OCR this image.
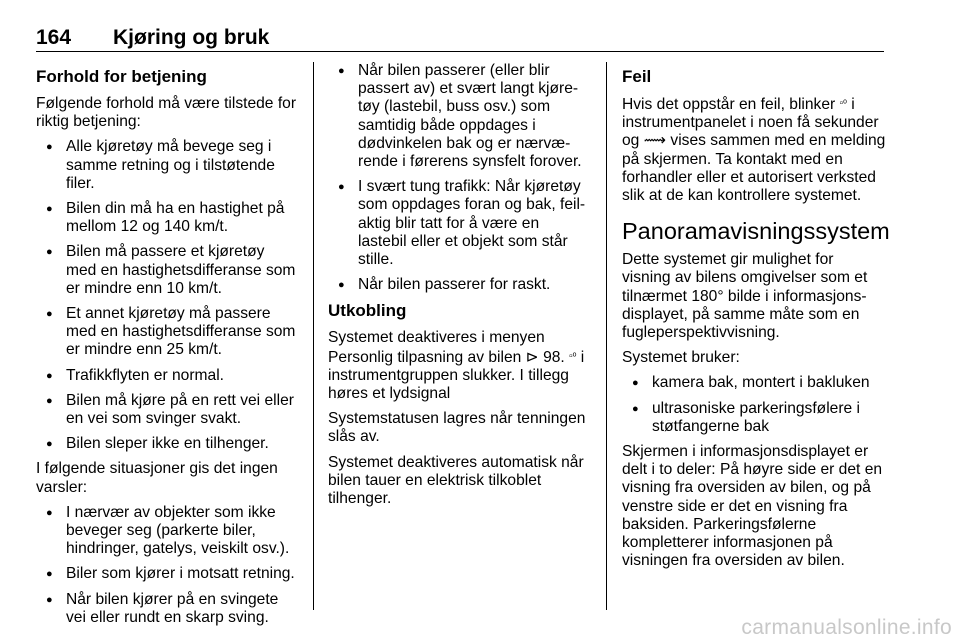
164 Kjøring og bruk
Forhold for betjening

Følgende forhold må være tilstede for riktig betjening:

● Alle kjøretøy må bevege seg i samme retning og i tilstøtende filer.
● Bilen din må ha en hastighet på mellom 12 og 140 km/t.
● Bilen må passere et kjøretøy med en hastighetsdifferanse som er mindre enn 10 km/t.
● Et annet kjøretøy må passere med en hastighetsdifferanse som er mindre enn 25 km/t.
● Trafikkflyten er normal.
● Bilen må kjøre på en rett vei eller en vei som svinger svakt.
● Bilen sleper ikke en tilhenger.

I følgende situasjoner gis det ingen varsler:

● I nærvær av objekter som ikke beveger seg (parkerte biler, hindringer, gatelys, veiskilt osv.).
● Biler som kjører i motsatt retning.
● Når bilen kjører på en svingete vei eller rundt en skarp sving.
● Når bilen passerer (eller blir passert av) et svært langt kjøre- tøy (lastebil, buss osv.) som samtidig både oppdages i dødvinkelen bak og er nærvæ- rende i førerens synsfelt forover.
● I svært tung trafikk: Når kjøretøy som oppdages foran og bak, feil- aktig blir tatt for å være en lastebil eller et objekt som står stille.
● Når bilen passerer for raskt.
Utkobling

Systemet deaktiveres i menyen Personlig tilpasning av bilen ⊳ 98. ▫ᵒ i instrumentgruppen slukker. I tillegg høres et lydsignal

Systemstatusen lagres når tenningen slås av.

Systemet deaktiveres automatisk når bilen tauer en elektrisk tilkoblet tilhenger.

Feil

Hvis det oppstår en feil, blinker ▫ᵒ i instrumentpanelet i noen få sekunder og ⟿ vises sammen med en melding på skjermen. Ta kontakt med en forhandler eller et autorisert verksted slik at de kan kontrollere systemet.

Panoramavisningssystem

Dette systemet gir mulighet for visning av bilens omgivelser som et tilnærmet 180° bilde i informasjons- displayet, på samme måte som en fugleperspektivvisning.

Systemet bruker:

● kamera bak, montert i bakluken
● ultrasoniske parkeringsfølere i støtfangerne bak

Skjermen i informasjonsdisplayet er delt i to deler: På høyre side er det en visning fra oversiden av bilen, og på venstre side er det en visning fra baksiden. Parkeringsfølerne kompletterer informasjonen på visningen fra oversiden av bilen.

carmanualsonline.info
